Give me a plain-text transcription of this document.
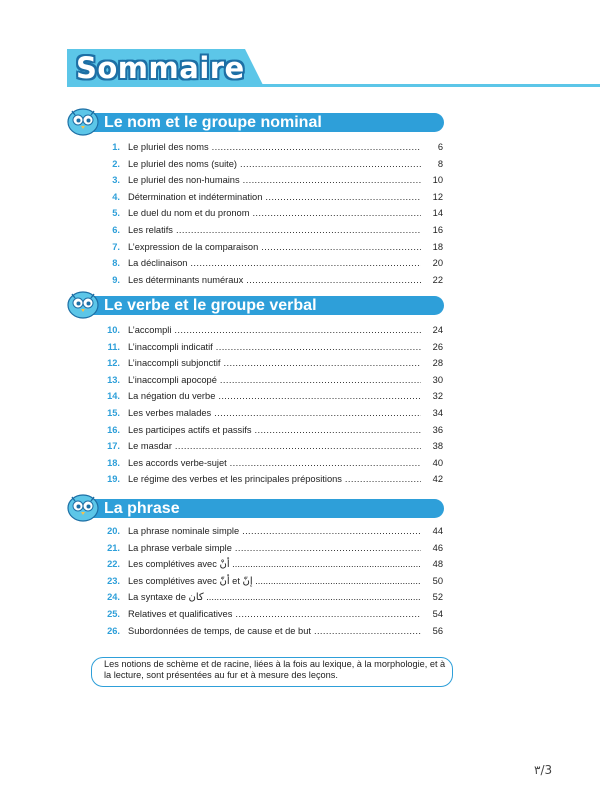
Sommaire
Le nom et le groupe nominal
1. Le pluriel des noms .....	6
2. Le pluriel des noms (suite) .....	8
3. Le pluriel des non-humains .....	10
4. Détermination et indétermination .....	12
5. Le duel du nom et du pronom .....	14
6. Les relatifs .....	16
7. L’expression de la comparaison .....	18
8. La déclinaison .....	20
9. Les déterminants numéraux .....	22
Le verbe et le groupe verbal
10. L’accompli .....	24
11. L’inaccompli indicatif .....	26
12. L’inaccompli subjonctif .....	28
13. L’inaccompli apocopé .....	30
14. La négation du verbe .....	32
15. Les verbes malades .....	34
16. Les participes actifs et passifs .....	36
17. Le masdar .....	38
18. Les accords verbe-sujet .....	40
19. Le régime des verbes et les principales prépositions .....	42
La phrase
20. La phrase nominale simple .....	44
21. La phrase verbale simple .....	46
22. Les complétives avec أنْ .....	48
23. Les complétives avec أنّ et إنّ .....	50
24. La syntaxe de كان .....	52
25. Relatives et qualificatives .....	54
26. Subordonnées de temps, de cause et de but .....	56
Les notions de schème et de racine, liées à la fois au lexique, à la morphologie, et à la lecture, sont présentées au fur et à mesure des leçons.
٣/3
